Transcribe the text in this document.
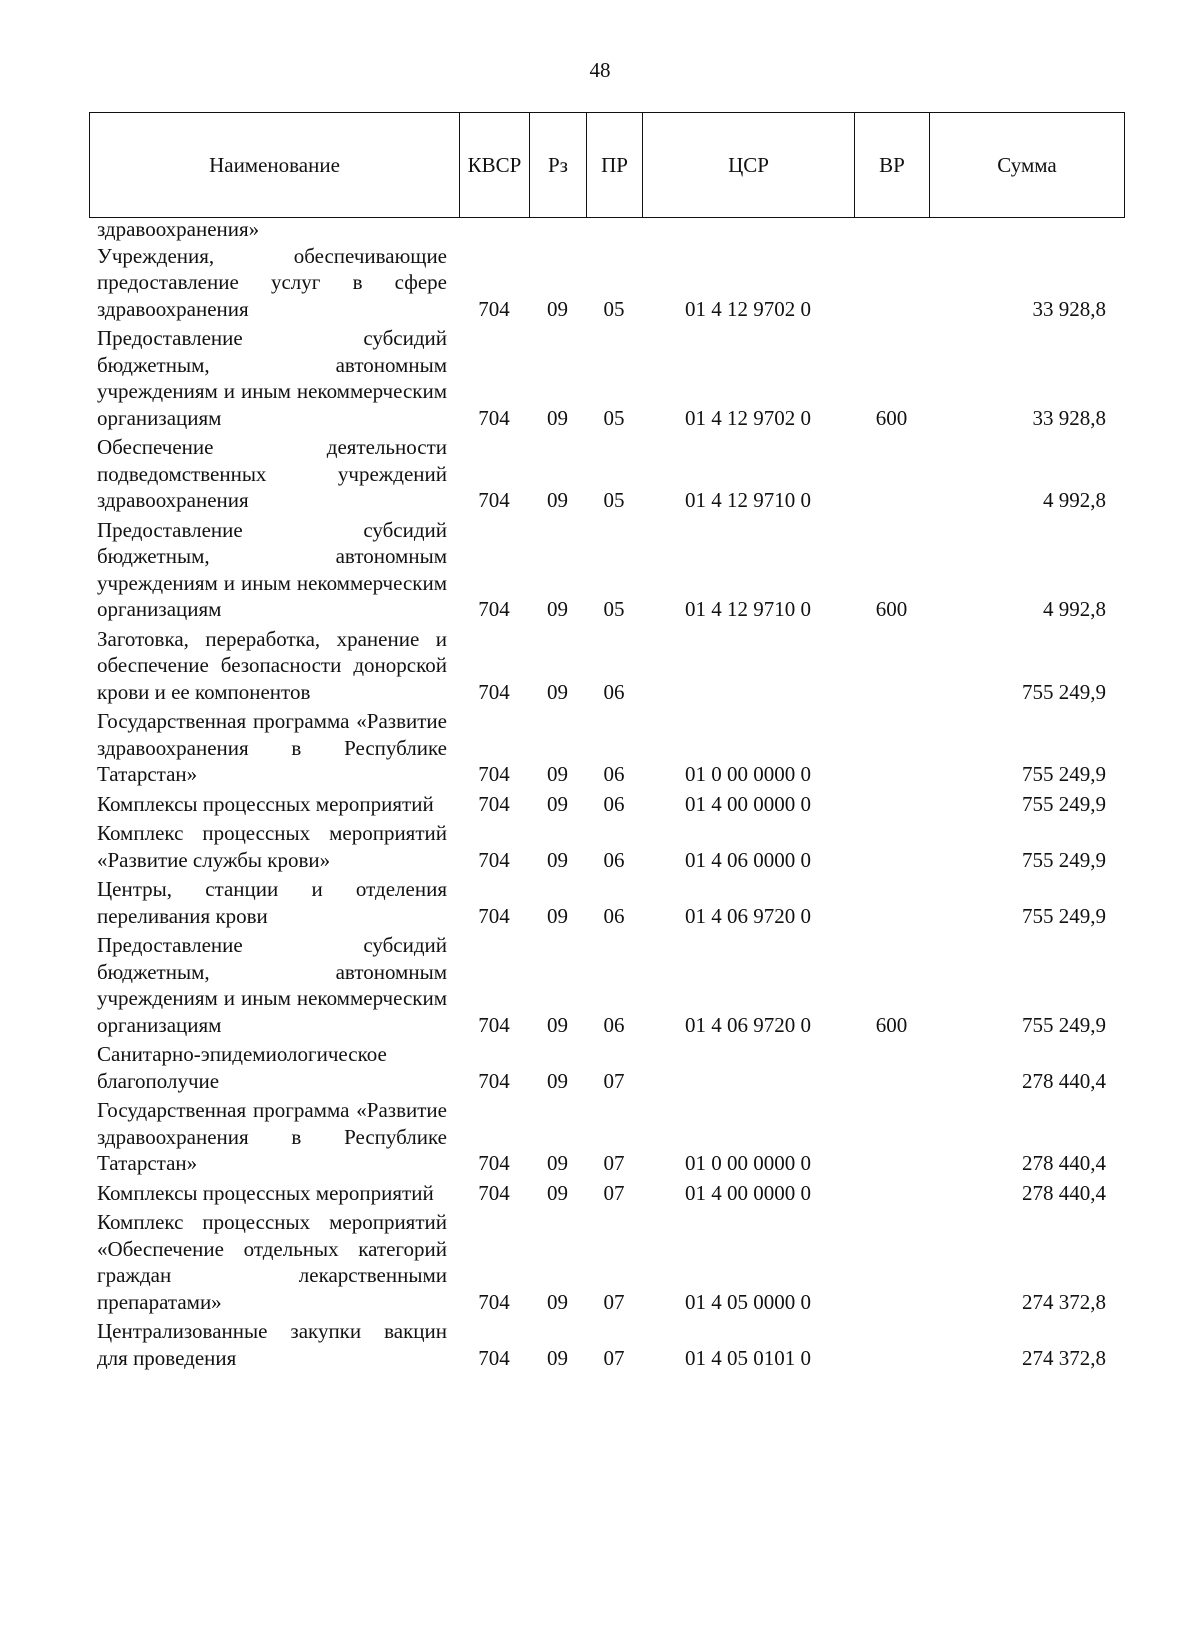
48
Наименование	КВСР	Рз	ПР	ЦСР	ВР	Сумма
здравоохранения»						
Учреждения, обеспечивающие предоставление услуг в сфере здравоохранения	704	09	05	01 4 12 9702 0		33 928,8
Предоставление субсидий бюджетным, автономным учреждениям и иным некоммерческим организациям	704	09	05	01 4 12 9702 0	600	33 928,8
Обеспечение деятельности подведомственных учреждений здравоохранения	704	09	05	01 4 12 9710 0		4 992,8
Предоставление субсидий бюджетным, автономным учреждениям и иным некоммерческим организациям	704	09	05	01 4 12 9710 0	600	4 992,8
Заготовка, переработка, хранение и обеспечение безопасности донорской крови и ее компонентов	704	09	06			755 249,9
Государственная программа «Развитие здравоохранения в Республике Татарстан»	704	09	06	01 0 00 0000 0		755 249,9
Комплексы процессных мероприятий	704	09	06	01 4 00 0000 0		755 249,9
Комплекс процессных мероприятий «Развитие службы крови»	704	09	06	01 4 06 0000 0		755 249,9
Центры, станции и отделения переливания крови	704	09	06	01 4 06 9720 0		755 249,9
Предоставление субсидий бюджетным, автономным учреждениям и иным некоммерческим организациям	704	09	06	01 4 06 9720 0	600	755 249,9
Санитарно-эпидемиологическое благополучие	704	09	07			278 440,4
Государственная программа «Развитие здравоохранения в Республике Татарстан»	704	09	07	01 0 00 0000 0		278 440,4
Комплексы процессных мероприятий	704	09	07	01 4 00 0000 0		278 440,4
Комплекс процессных мероприятий «Обеспечение отдельных категорий граждан лекарственными препаратами»	704	09	07	01 4 05 0000 0		274 372,8
Централизованные закупки вакцин для проведения	704	09	07	01 4 05 0101 0		274 372,8
